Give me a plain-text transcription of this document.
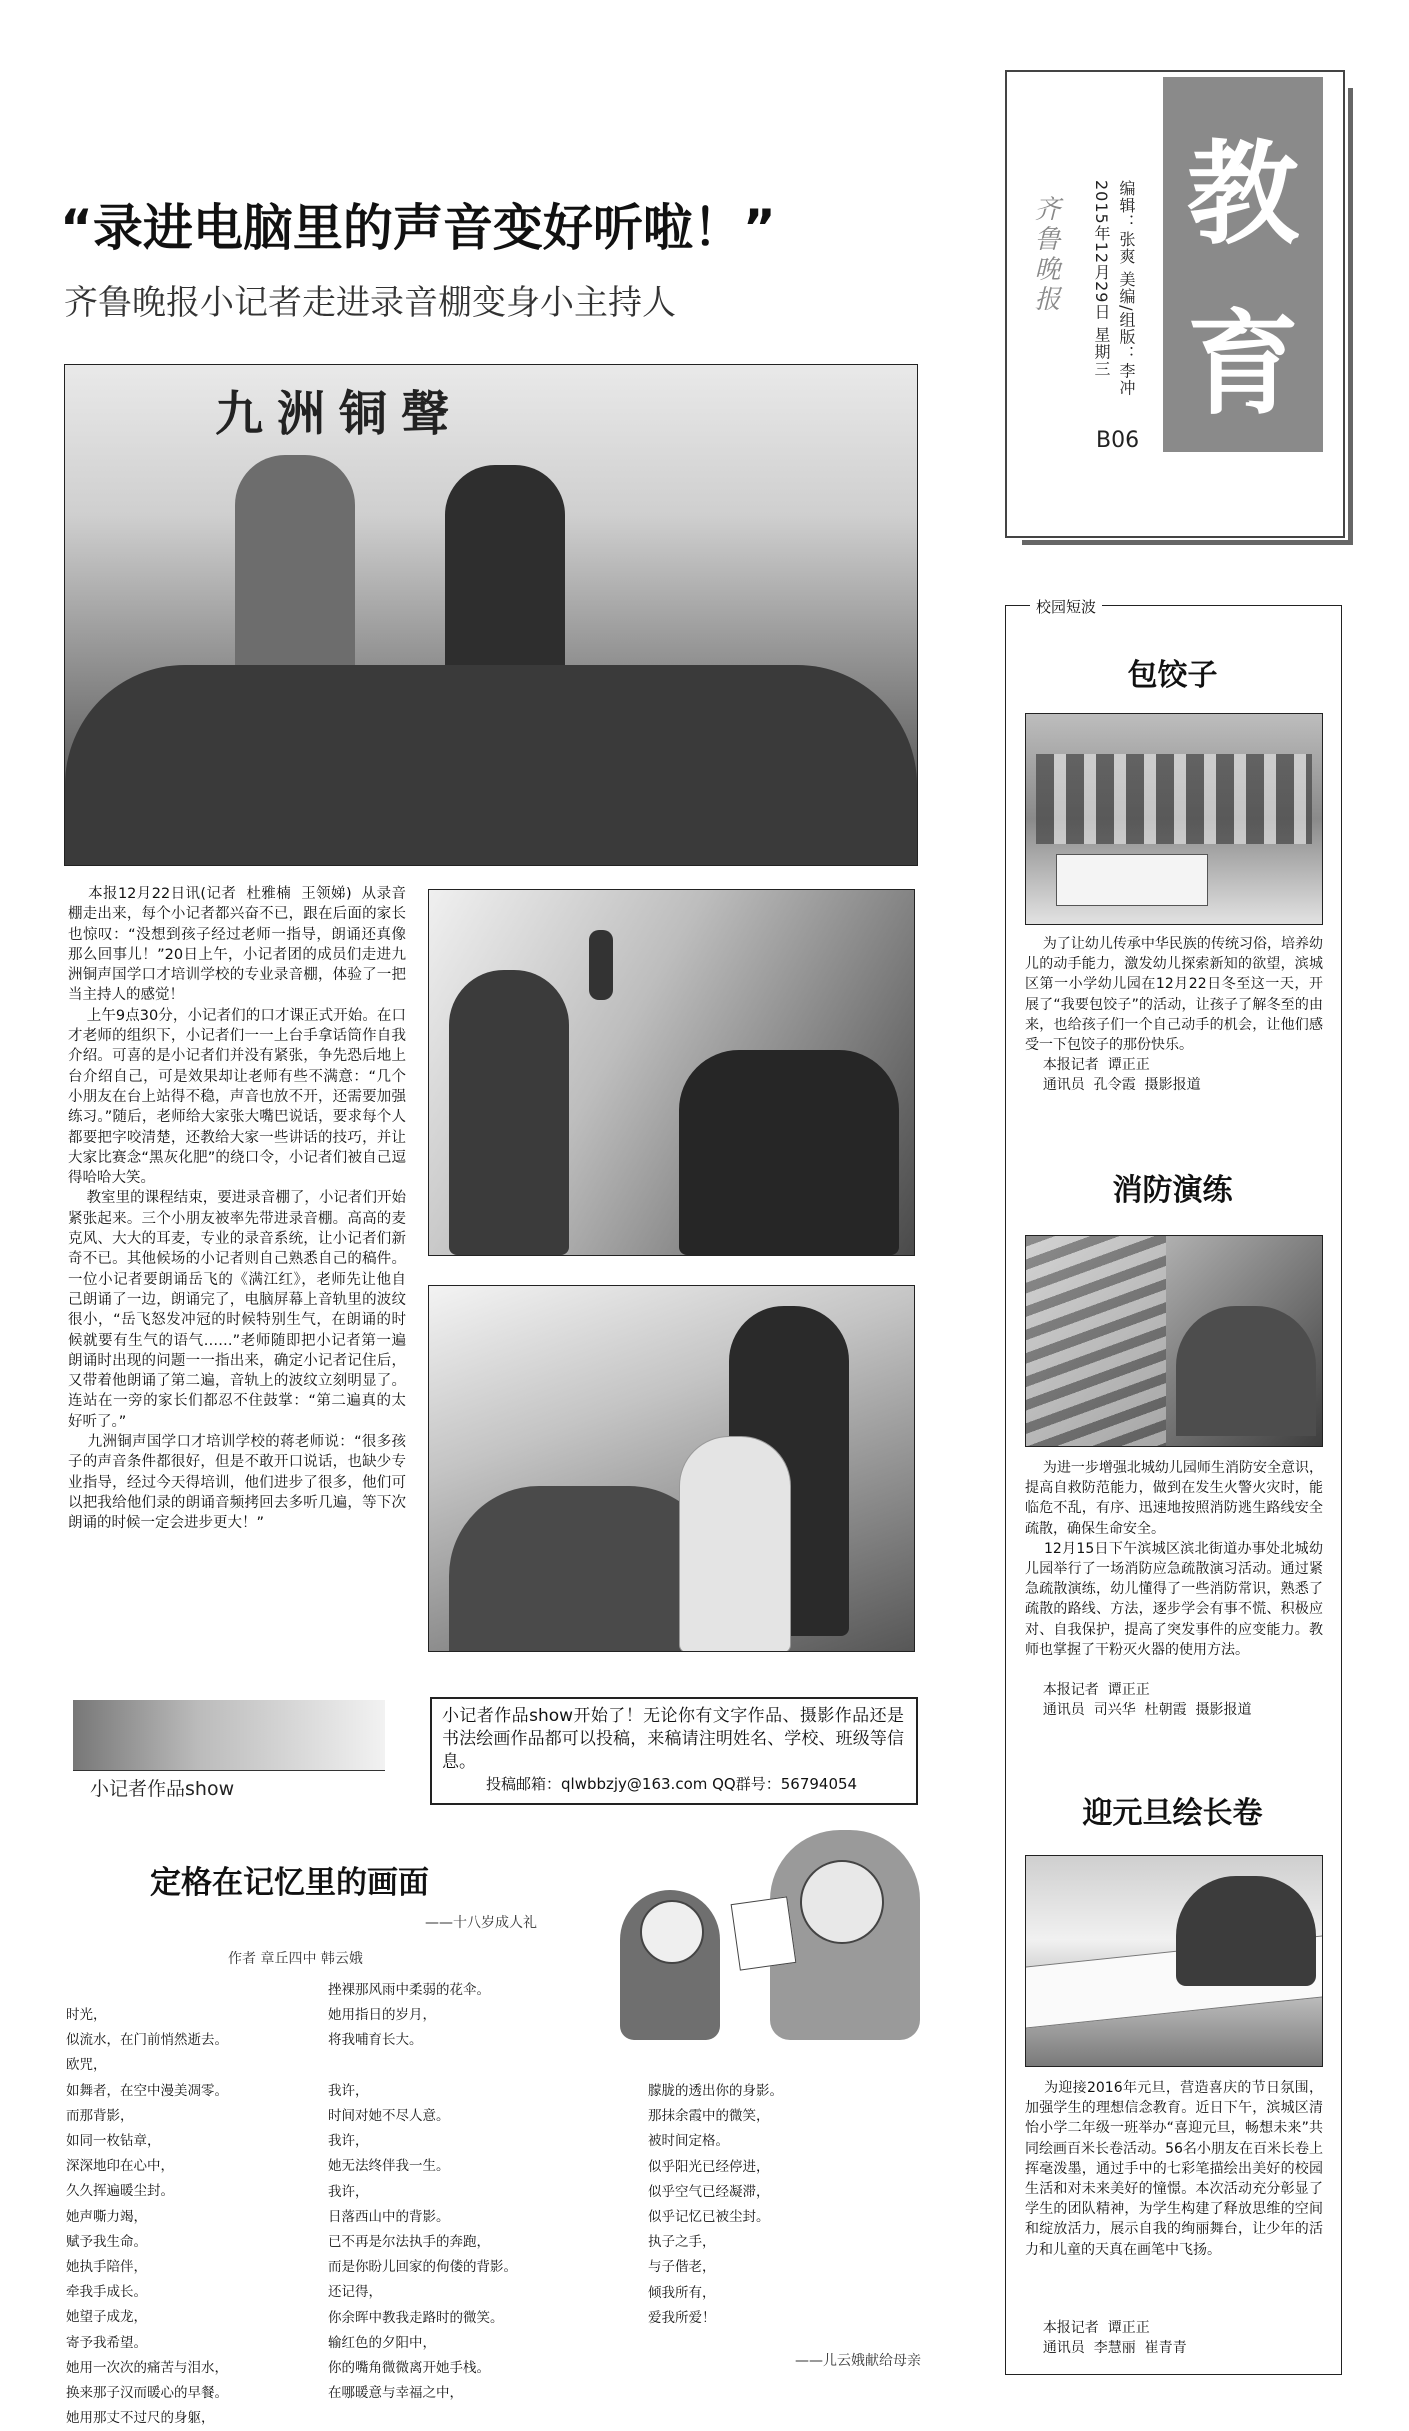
教
育
齐鲁晚报 2015年12月29日 星期三 编辑：张爽 美编/组版：李冲
B06
“录进电脑里的声音变好听啦！”
齐鲁晚报小记者走进录音棚变身小主持人
九洲铜聲
本报12月22日讯(记者  杜雅楠  王领娣)  从录音棚走出来，每个小记者都兴奋不已，跟在后面的家长也惊叹：“没想到孩子经过老师一指导，朗诵还真像那么回事儿！”20日上午，小记者团的成员们走进九洲铜声国学口才培训学校的专业录音棚，体验了一把当主持人的感觉！
上午9点30分，小记者们的口才课正式开始。在口才老师的组织下，小记者们一一上台手拿话筒作自我介绍。可喜的是小记者们并没有紧张，争先恐后地上台介绍自己，可是效果却让老师有些不满意：“几个小朋友在台上站得不稳，声音也放不开，还需要加强练习。”随后，老师给大家张大嘴巴说话，要求每个人都要把字咬清楚，还教给大家一些讲话的技巧，并让大家比赛念“黑灰化肥”的绕口令，小记者们被自己逗得哈哈大笑。
教室里的课程结束，要进录音棚了，小记者们开始紧张起来。三个小朋友被率先带进录音棚。高高的麦克风、大大的耳麦，专业的录音系统，让小记者们新奇不已。其他候场的小记者则自己熟悉自己的稿件。一位小记者要朗诵岳飞的《满江红》，老师先让他自己朗诵了一边，朗诵完了，电脑屏幕上音轨里的波纹很小，“岳飞怒发冲冠的时候特别生气，在朗诵的时候就要有生气的语气……”老师随即把小记者第一遍朗诵时出现的问题一一指出来，确定小记者记住后，又带着他朗诵了第二遍，音轨上的波纹立刻明显了。连站在一旁的家长们都忍不住鼓掌：“第二遍真的太好听了。”
九洲铜声国学口才培训学校的蒋老师说：“很多孩子的声音条件都很好，但是不敢开口说话，也缺少专业指导，经过今天得培训，他们进步了很多，他们可以把我给他们录的朗诵音频拷回去多听几遍，等下次朗诵的时候一定会进步更大！”
小记者作品show
小记者作品show开始了！无论你有文字作品、摄影作品还是书法绘画作品都可以投稿，来稿请注明姓名、学校、班级等信息。
投稿邮箱：qlwbbzjy@163.com QQ群号：56794054
定格在记忆里的画面
——十八岁成人礼
作者 章丘四中 韩云娥
时光，
似流水，在门前悄然逝去。
欧咒，
如舞者，在空中漫美凋零。
而那背影，
如同一枚钻章，
深深地印在心中，
久久挥遍暖尘封。
她声嘶力竭，
赋予我生命。
她执手陪伴，
牵我手成长。
她望子成龙，
寄予我希望。
她用一次次的痛苦与泪水，
换来那子汉而暖心的早餐。
她用那丈不过尺的身躯，
挫裸那风雨中柔弱的花伞。
她用指日的岁月，
将我哺育长大。

我许，
时间对她不尽人意。
我许，
她无法终伴我一生。
我许，
日落西山中的背影。
已不再是尔法执手的奔跑，
而是你盼儿回家的佝偻的背影。
还记得，
你余晖中教我走路时的微笑。
输红色的夕阳中，
你的嘴角微微离开她手栈。
在哪暖意与幸福之中，
朦胧的透出你的身影。
那抹余霞中的微笑，
被时间定格。
似乎阳光已经停进，
似乎空气已经凝滞，
似乎记忆已被尘封。
执子之手，
与子偕老，
倾我所有，
爱我所爱！
——儿云娥献给母亲
校园短波
包饺子
为了让幼儿传承中华民族的传统习俗，培养幼儿的动手能力，激发幼儿探索新知的欲望，滨城区第一小学幼儿园在12月22日冬至这一天，开展了“我要包饺子”的活动，让孩子了解冬至的由来，也给孩子们一个自己动手的机会，让他们感受一下包饺子的那份快乐。
本报记者  谭正正
通讯员  孔令霞  摄影报道
消防演练
为进一步增强北城幼儿园师生消防安全意识，提高自救防范能力，做到在发生火警火灾时，能临危不乱，有序、迅速地按照消防逃生路线安全疏散，确保生命安全。
12月15日下午滨城区滨北街道办事处北城幼儿园举行了一场消防应急疏散演习活动。通过紧急疏散演练，幼儿懂得了一些消防常识，熟悉了疏散的路线、方法，逐步学会有事不慌、积极应对、自我保护，提高了突发事件的应变能力。教师也掌握了干粉灭火器的使用方法。
本报记者  谭正正
通讯员  司兴华  杜朝霞  摄影报道
迎元旦绘长卷
为迎接2016年元旦，营造喜庆的节日氛围，加强学生的理想信念教育。近日下午，滨城区清怡小学二年级一班举办“喜迎元旦，畅想未来”共同绘画百米长卷活动。56名小朋友在百米长卷上挥毫泼墨，通过手中的七彩笔描绘出美好的校园生活和对未来美好的憧憬。本次活动充分彰显了学生的团队精神，为学生构建了释放思维的空间和绽放活力，展示自我的绚丽舞台，让少年的活力和儿童的天真在画笔中飞扬。
本报记者  谭正正
通讯员  李慧丽  崔青青
